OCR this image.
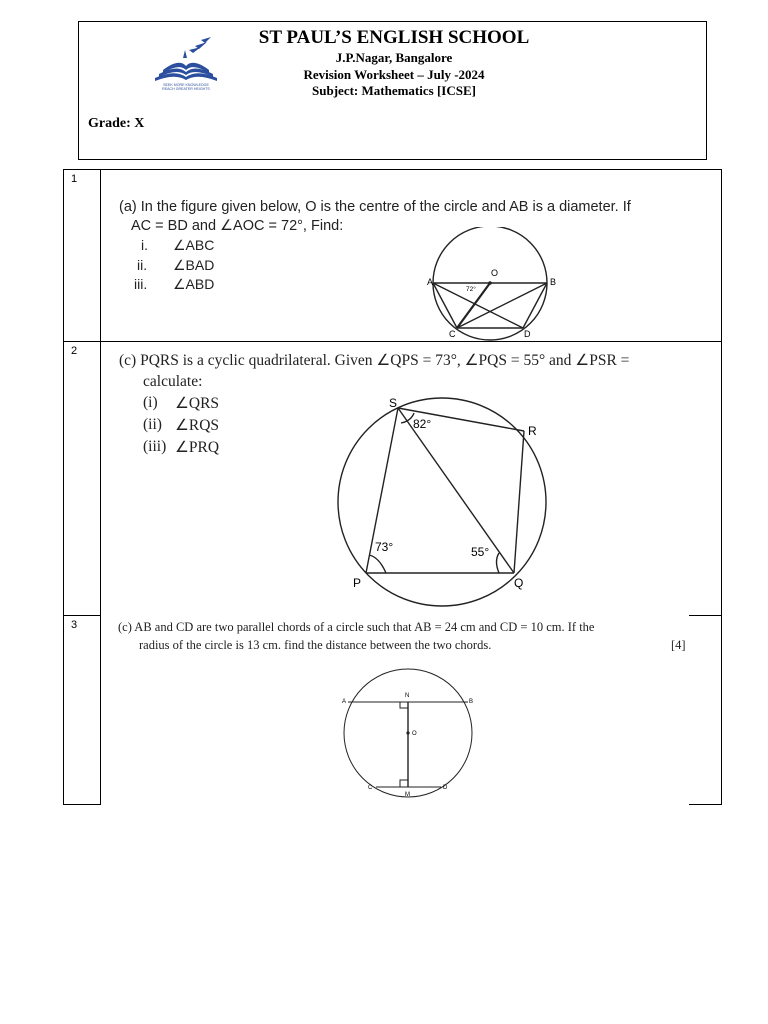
SEEK MORE KNOWLEDGE
REACH GREATER HEIGHTS
ST PAUL’S ENGLISH SCHOOL
J.P.Nagar, Bangalore
Revision Worksheet – July -2024
Subject: Mathematics [ICSE]
Grade: X
1
(a) In the figure given below, O is the centre of the circle and AB is a diameter. If
AC = BD and ∠AOC = 72°, Find:
i. ∠ABC
ii. ∠BAD
iii. ∠ABD	A	B
C	D
O
72°
2
(c) PQRS is a cyclic quadrilateral. Given ∠QPS = 73°, ∠PQS = 55° and ∠PSR =
calculate:
(i) ∠QRS
(ii) ∠RQS
(iii) ∠PRQ
S
R
P	Q
82°
73°	55°
3	(c) AB and CD are two parallel chords of a circle such that AB = 24 cm and CD = 10 cm. If the
radius of the circle is 13 cm. find the distance between the two chords.	[4]
A	B
N
O
C	D
M
